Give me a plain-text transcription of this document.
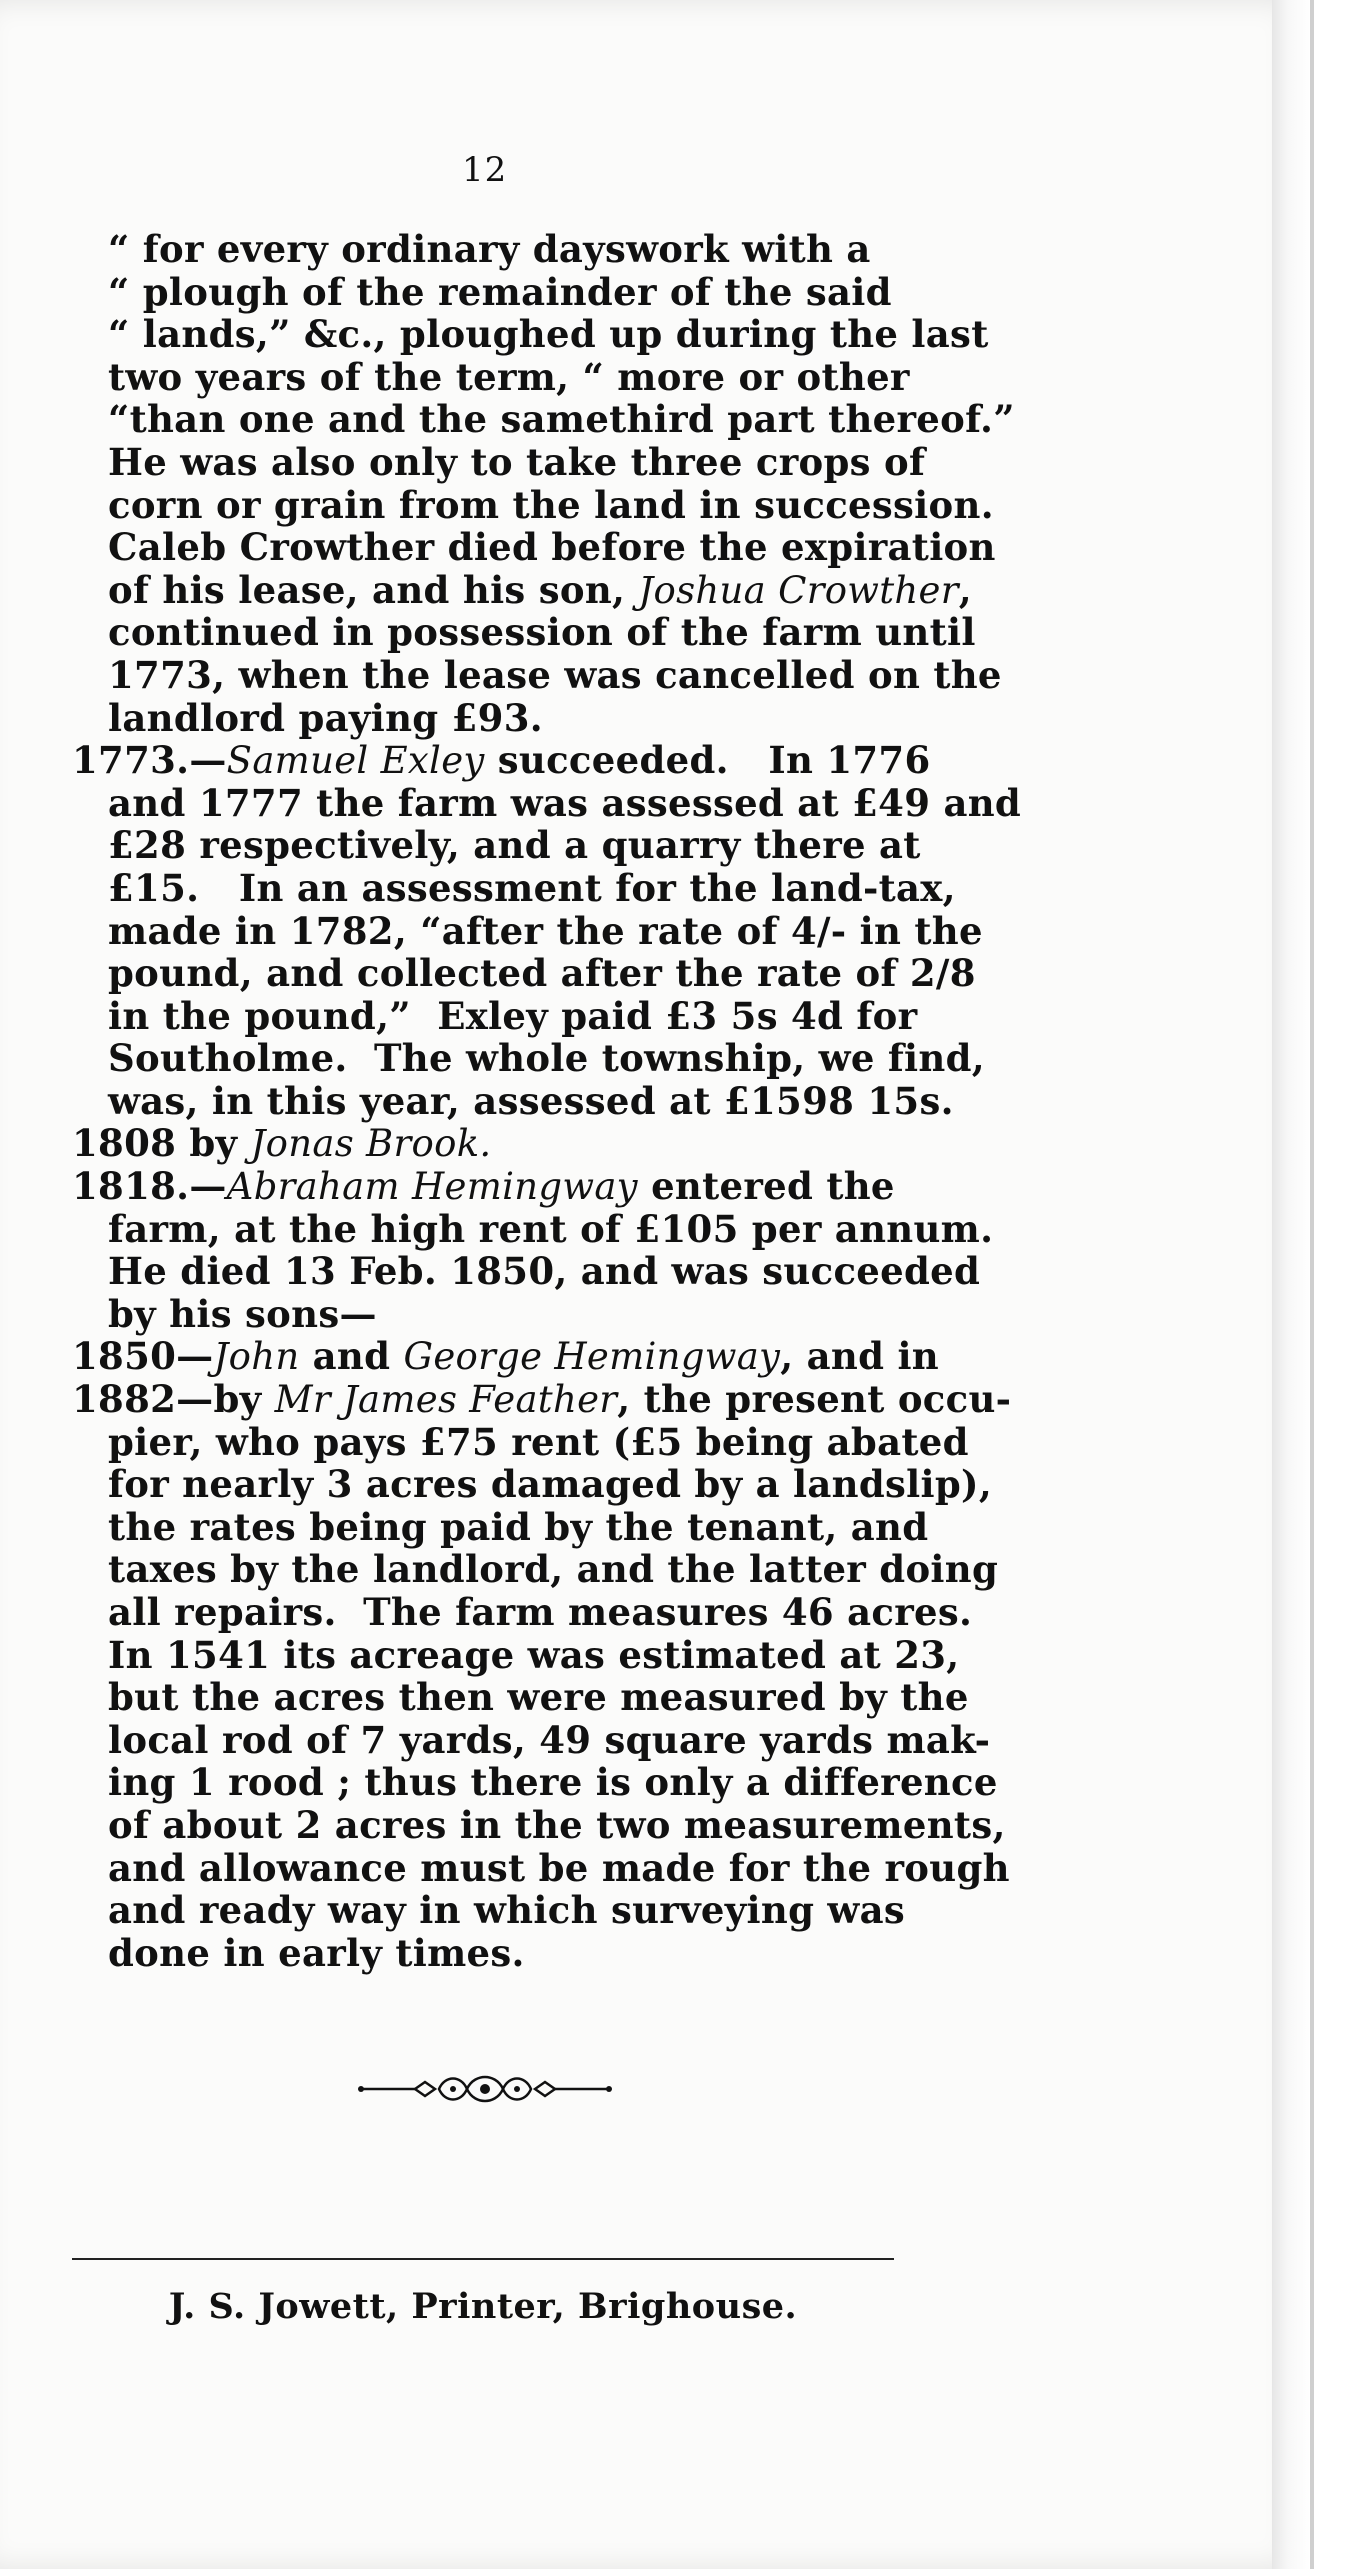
12
“ for every ordinary dayswork with a
“ plough of the remainder of the said
“ lands,” &c., ploughed up during the last
two years of the term, “ more or other
“than one and the samethird part thereof.”
He was also only to take three crops of
corn or grain from the land in succession.
Caleb Crowther died before the expiration
of his lease, and his son, Joshua Crowther,
continued in possession of the farm until
1773, when the lease was cancelled on the
landlord paying £93.
1773.—Samuel Exley succeeded.   In 1776
and 1777 the farm was assessed at £49 and
£28 respectively, and a quarry there at
£15.   In an assessment for the land-tax,
made in 1782, “after the rate of 4/- in the
pound, and collected after the rate of 2/8
in the pound,”  Exley paid £3 5s 4d for
Southolme.  The whole township, we find,
was, in this year, assessed at £1598 15s.
1808 by Jonas Brook.
1818.—Abraham Hemingway entered the
farm, at the high rent of £105 per annum.
He died 13 Feb. 1850, and was succeeded
by his sons—
1850—John and George Hemingway, and in
1882—by Mr James Feather, the present occu-
pier, who pays £75 rent (£5 being abated
for nearly 3 acres damaged by a landslip),
the rates being paid by the tenant, and
taxes by the landlord, and the latter doing
all repairs.  The farm measures 46 acres.
In 1541 its acreage was estimated at 23,
but the acres then were measured by the
local rod of 7 yards, 49 square yards mak-
ing 1 rood ; thus there is only a difference
of about 2 acres in the two measurements,
and allowance must be made for the rough
and ready way in which surveying was
done in early times.
J. S. Jowett, Printer, Brighouse.
